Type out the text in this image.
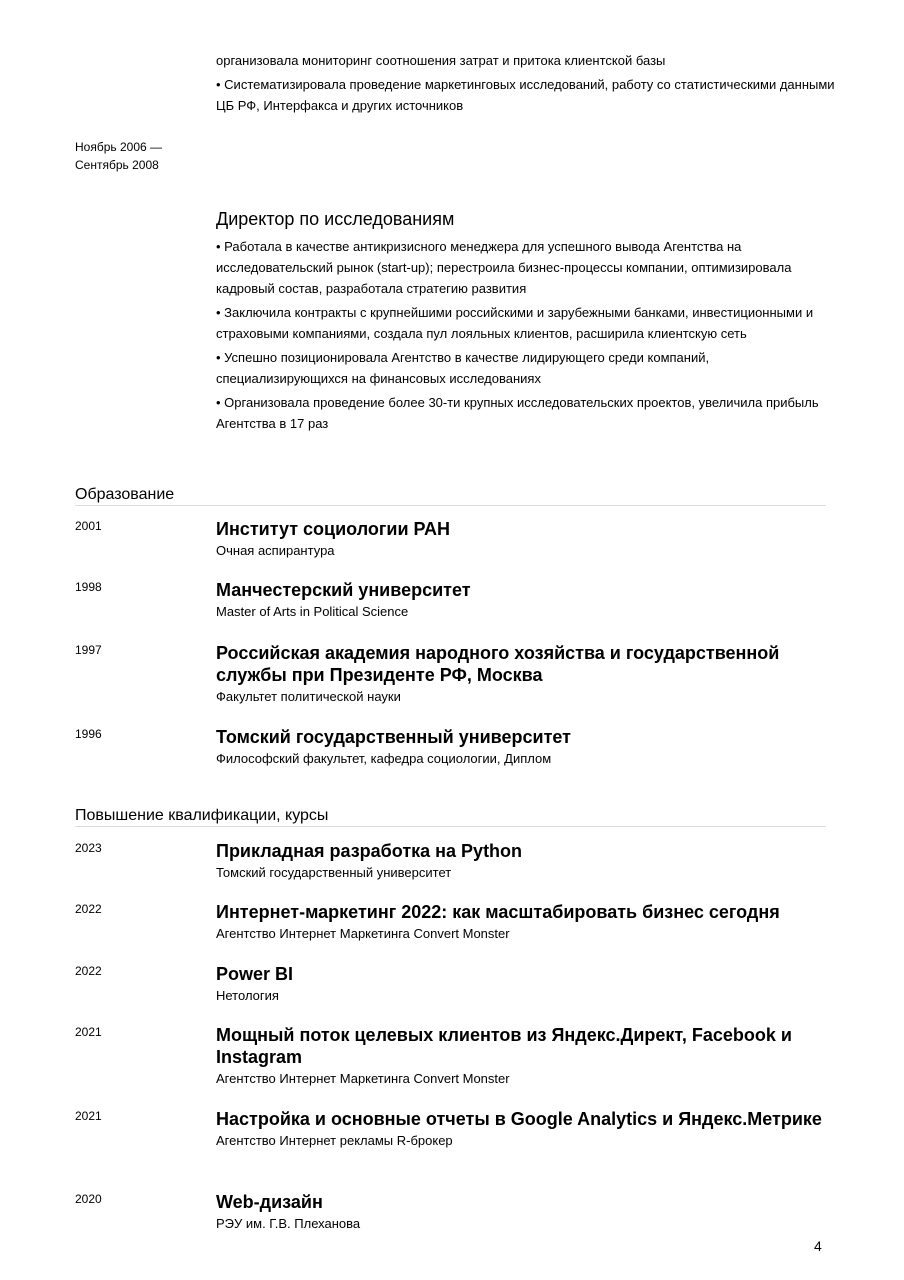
организовала мониторинг соотношения затрат и притока клиентской базы
• Систематизировала проведение маркетинговых исследований, работу со статистическими данными ЦБ РФ, Интерфакса и других источников
Ноябрь 2006 —
Сентябрь 2008
Директор по исследованиям
• Работала в качестве антикризисного менеджера для успешного вывода Агентства на исследовательский рынок (start-up); перестроила бизнес-процессы компании, оптимизировала кадровый состав, разработала стратегию развития
• Заключила контракты с крупнейшими российскими и зарубежными банками, инвестиционными и страховыми компаниями, создала пул лояльных клиентов, расширила клиентскую сеть
• Успешно позиционировала Агентство в качестве лидирующего среди компаний, специализирующихся на финансовых исследованиях
• Организовала проведение более 30-ти крупных исследовательских проектов, увеличила прибыль Агентства в 17 раз
Образование
2001	Институт социологии РАН
Очная аспирантура
1998	Манчестерский университет
Master of Arts in Political Science
1997	Российская академия народного хозяйства и государственной службы при Президенте РФ, Москва
Факультет политической науки
1996	Томский государственный университет
Философский факультет, кафедра социологии, Диплом
Повышение квалификации, курсы
2023	Прикладная разработка на Python
Томский государственный университет
2022	Интернет-маркетинг 2022: как масштабировать бизнес сегодня
Агентство Интернет Маркетинга Convert Monster
2022	Power BI
Нетология
2021	Мощный поток целевых клиентов из Яндекс.Директ, Facebook и Instagram
Агентство Интернет Маркетинга Convert Monster
2021	Настройка и основные отчеты в Google Analytics и Яндекс.Метрике
Агентство Интернет рекламы R-брокер
2020	Web-дизайн
РЭУ им. Г.В. Плеханова
4
